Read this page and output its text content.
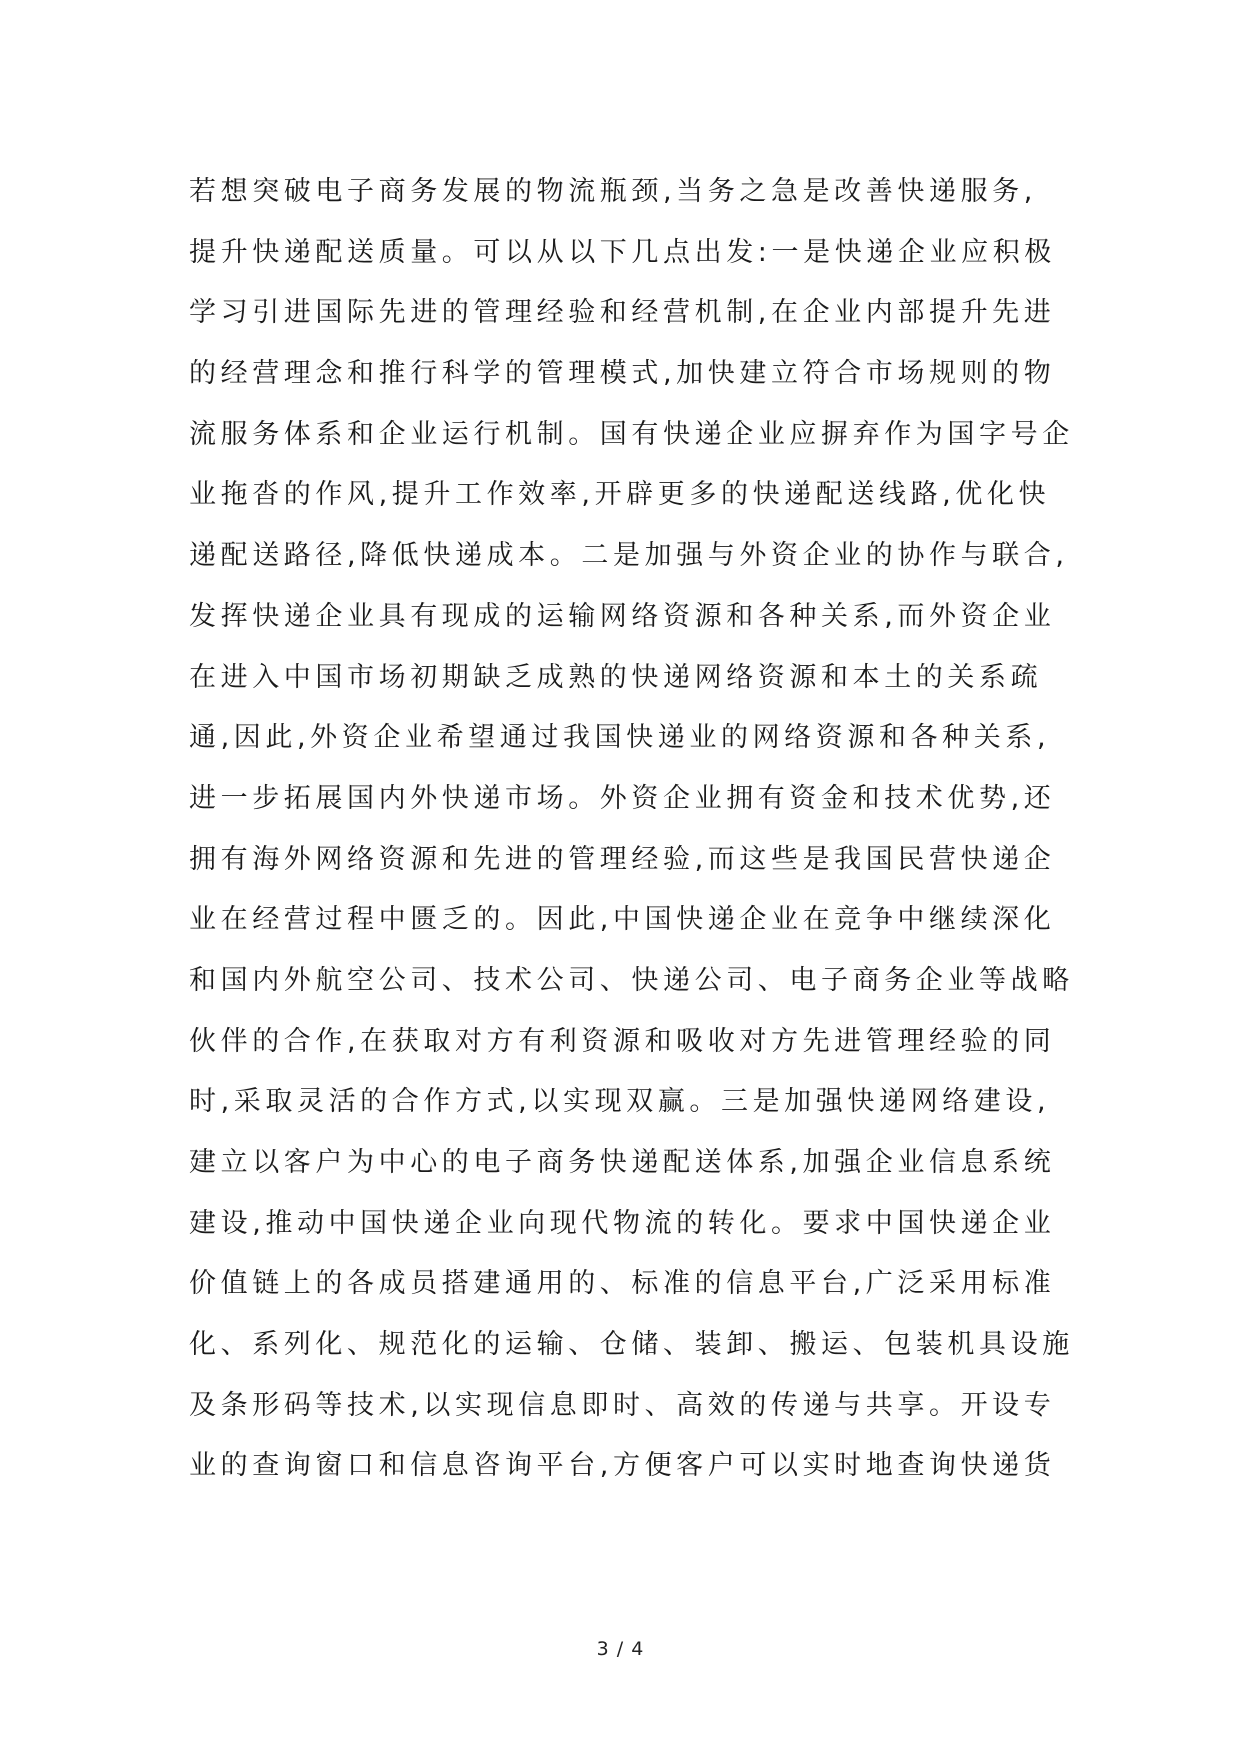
若想突破电子商务发展的物流瓶颈,当务之急是改善快递服务,
提升快递配送质量。可以从以下几点出发:一是快递企业应积极
学习引进国际先进的管理经验和经营机制,在企业内部提升先进
的经营理念和推行科学的管理模式,加快建立符合市场规则的物
流服务体系和企业运行机制。国有快递企业应摒弃作为国字号企
业拖沓的作风,提升工作效率,开辟更多的快递配送线路,优化快
递配送路径,降低快递成本。二是加强与外资企业的协作与联合,
发挥快递企业具有现成的运输网络资源和各种关系,而外资企业
在进入中国市场初期缺乏成熟的快递网络资源和本土的关系疏
通,因此,外资企业希望通过我国快递业的网络资源和各种关系,
进一步拓展国内外快递市场。外资企业拥有资金和技术优势,还
拥有海外网络资源和先进的管理经验,而这些是我国民营快递企
业在经营过程中匮乏的。因此,中国快递企业在竞争中继续深化
和国内外航空公司、技术公司、快递公司、电子商务企业等战略
伙伴的合作,在获取对方有利资源和吸收对方先进管理经验的同
时,采取灵活的合作方式,以实现双赢。三是加强快递网络建设,
建立以客户为中心的电子商务快递配送体系,加强企业信息系统
建设,推动中国快递企业向现代物流的转化。要求中国快递企业
价值链上的各成员搭建通用的、标准的信息平台,广泛采用标准
化、系列化、规范化的运输、仓储、装卸、搬运、包装机具设施
及条形码等技术,以实现信息即时、高效的传递与共享。开设专
业的查询窗口和信息咨询平台,方便客户可以实时地查询快递货
3 / 4
